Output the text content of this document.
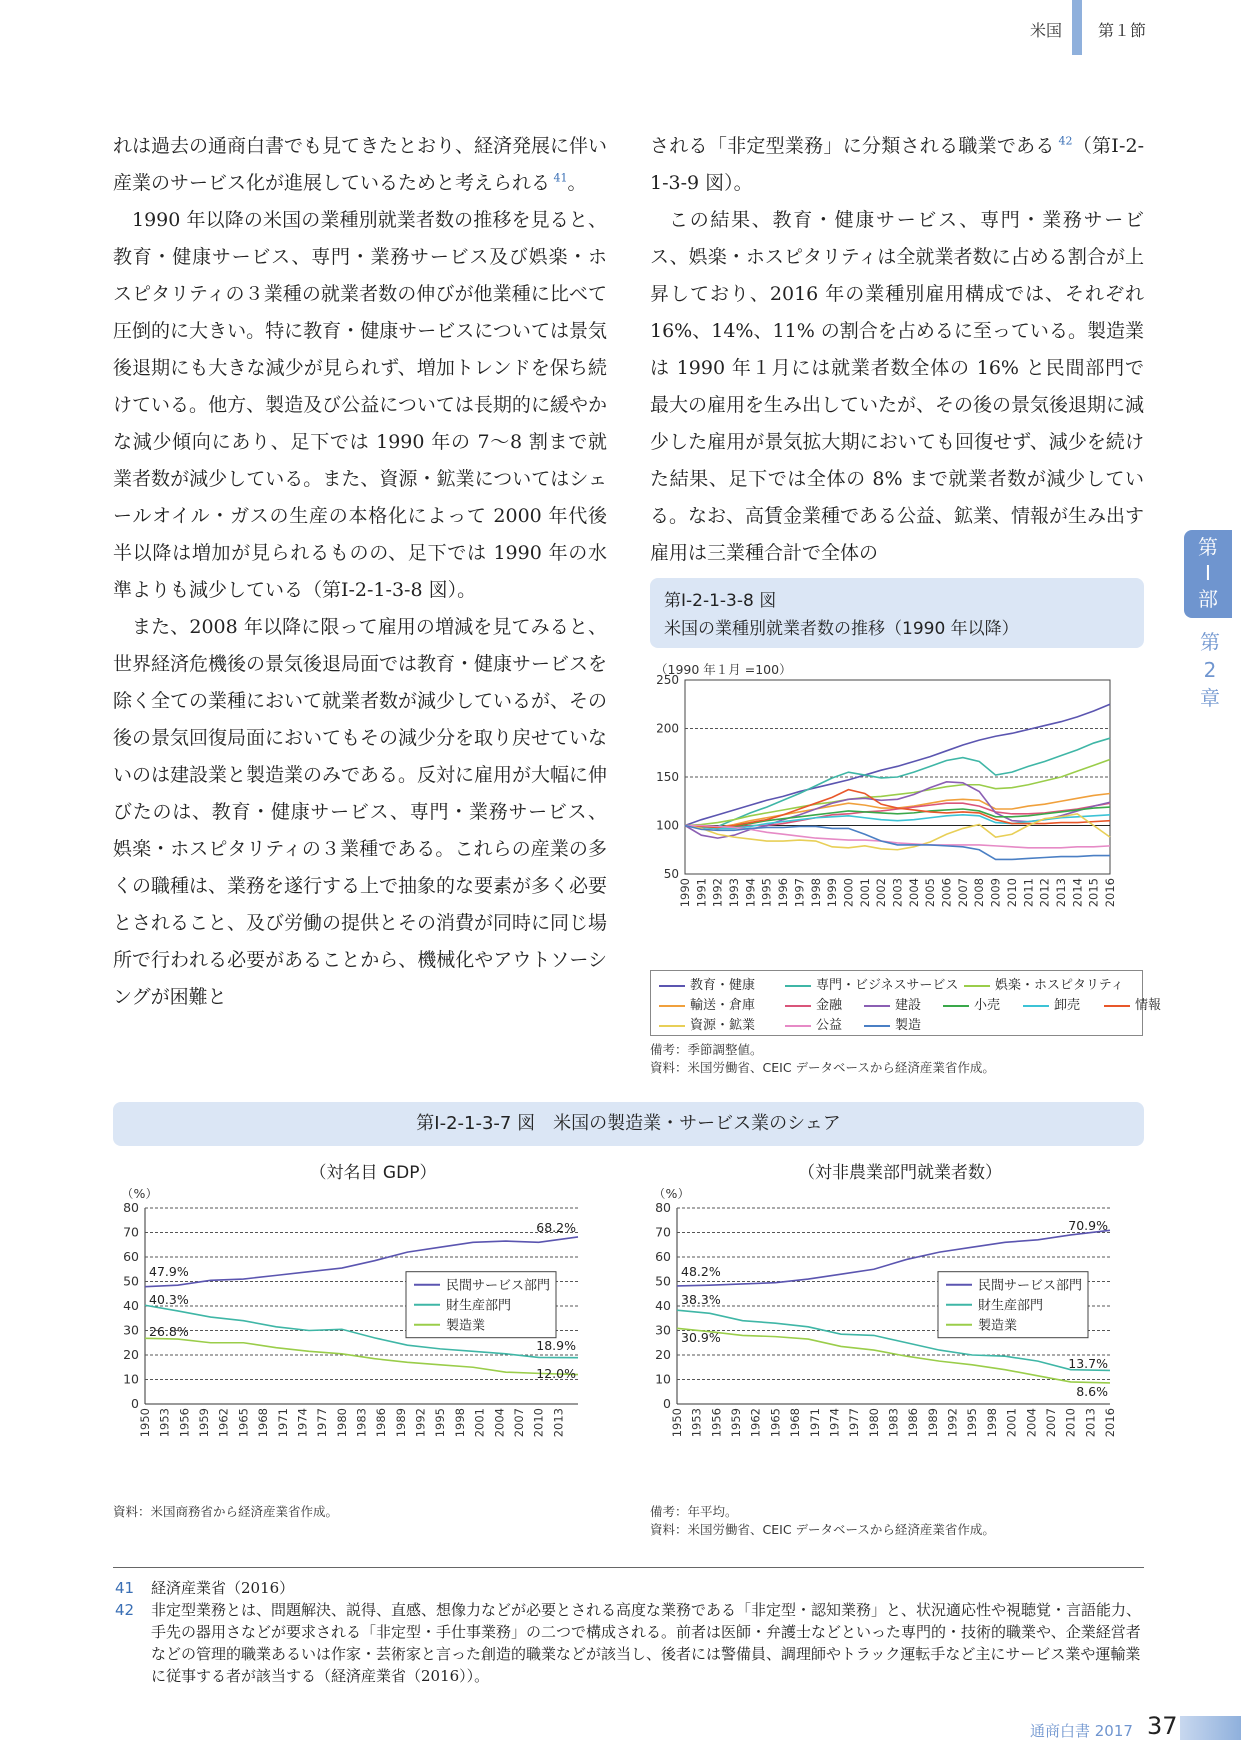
米国 第１節
第
I
部
第
2
章

れは過去の通商白書でも見てきたとおり、経済発展に伴い産業のサービス化が進展しているためと考えられる $^{41}$。

1990 年以降の米国の業種別就業者数の推移を見ると、教育・健康サービス、専門・業務サービス及び娯楽・ホスピタリティの３業種の就業者数の伸びが他業種に比べて圧倒的に大きい。特に教育・健康サービスについては景気後退期にも大きな減少が見られず、増加トレンドを保ち続けている。他方、製造及び公益については長期的に緩やかな減少傾向にあり、足下では 1990 年の 7～8 割まで就業者数が減少している。また、資源・鉱業についてはシェールオイル・ガスの生産の本格化によって 2000 年代後半以降は増加が見られるものの、足下では 1990 年の水準よりも減少している（第Ⅰ-2-1-3-8 図）。

また、2008 年以降に限って雇用の増減を見てみると、世界経済危機後の景気後退局面では教育・健康サービスを除く全ての業種において就業者数が減少しているが、その後の景気回復局面においてもその減少分を取り戻せていないのは建設業と製造業のみである。反対に雇用が大幅に伸びたのは、教育・健康サービス、専門・業務サービス、娯楽・ホスピタリティの３業種である。これらの産業の多くの職種は、業務を遂行する上で抽象的な要素が多く必要とされること、及び労働の提供とその消費が同時に同じ場所で行われる必要があることから、機械化やアウトソーシングが困難と

される「非定型業務」に分類される職業である $^{42}$（第Ⅰ-2-1-3-9 図）。

この結果、教育・健康サービス、専門・業務サービス、娯楽・ホスピタリティは全就業者数に占める割合が上昇しており、2016 年の業種別雇用構成では、それぞれ 16%、14%、11% の割合を占めるに至っている。製造業は 1990 年１月には就業者数全体の 16% と民間部門で最大の雇用を生み出していたが、その後の景気後退期に減少した雇用が景気拡大期においても回復せず、減少を続けた結果、足下では全体の 8% まで就業者数が減少している。なお、高賃金業種である公益、鉱業、情報が生み出す雇用は三業種合計で全体の

第Ⅰ-2-1-3-8 図
米国の業種別就業者数の推移（1990 年以降）
（1990 年１月 =100）
50
100
150
200
250
1990 1991 1992 1993 1994 1995 1996 1997 1998 1999 2000 2001 2002 2003 2004 2005 2006 2007 2008 2009 2010 2011 2012 2013 2014 2015 2016
教育・健康	専門・ビジネスサービス	娯楽・ホスピタリティ
輸送・倉庫	金融	建設	小売	卸売	情報
資源・鉱業	公益	製造
備考：季節調整値。
資料：米国労働省、CEIC データベースから経済産業省作成。
第Ⅰ-2-1-3-7 図　米国の製造業・サービス業のシェア
（対名目 GDP）	（対非農業部門就業者数）
（%）
0
10
20
30
40
50
60
70
80
1950 1953 1956 1959 1962 1965 1968 1971 1974 1977 1980 1983 1986 1989 1992 1995 1998 2001 2004 2007 2010 2013
47.9%
40.3%
26.8%
68.2%
18.9%
12.0%
民間サービス部門
財生産部門
製造業
（%）
0
10
20
30
40
50
60
70
80
1950 1953 1956 1959 1962 1965 1968 1971 1974 1977 1980 1983 1986 1989 1992 1995 1998 2001 2004 2007 2010 2013 2016
48.2%
38.3%
30.9%
70.9%
13.7%
8.6%
民間サービス部門
財生産部門
製造業
資料：米国商務省から経済産業省作成。	備考：年平均。
資料：米国労働省、CEIC データベースから経済産業省作成。
41	経済産業省（2016）
42	非定型業務とは、問題解決、説得、直感、想像力などが必要とされる高度な業務である「非定型・認知業務」と、状況適応性や視聴覚・言語能力、手先の器用さなどが要求される「非定型・手仕事業務」の二つで構成される。前者は医師・弁護士などといった専門的・技術的職業や、企業経営者などの管理的職業あるいは作家・芸術家と言った創造的職業などが該当し、後者には警備員、調理師やトラック運転手など主にサービス業や運輸業に従事する者が該当する（経済産業省（2016））。
通商白書 2017 37
